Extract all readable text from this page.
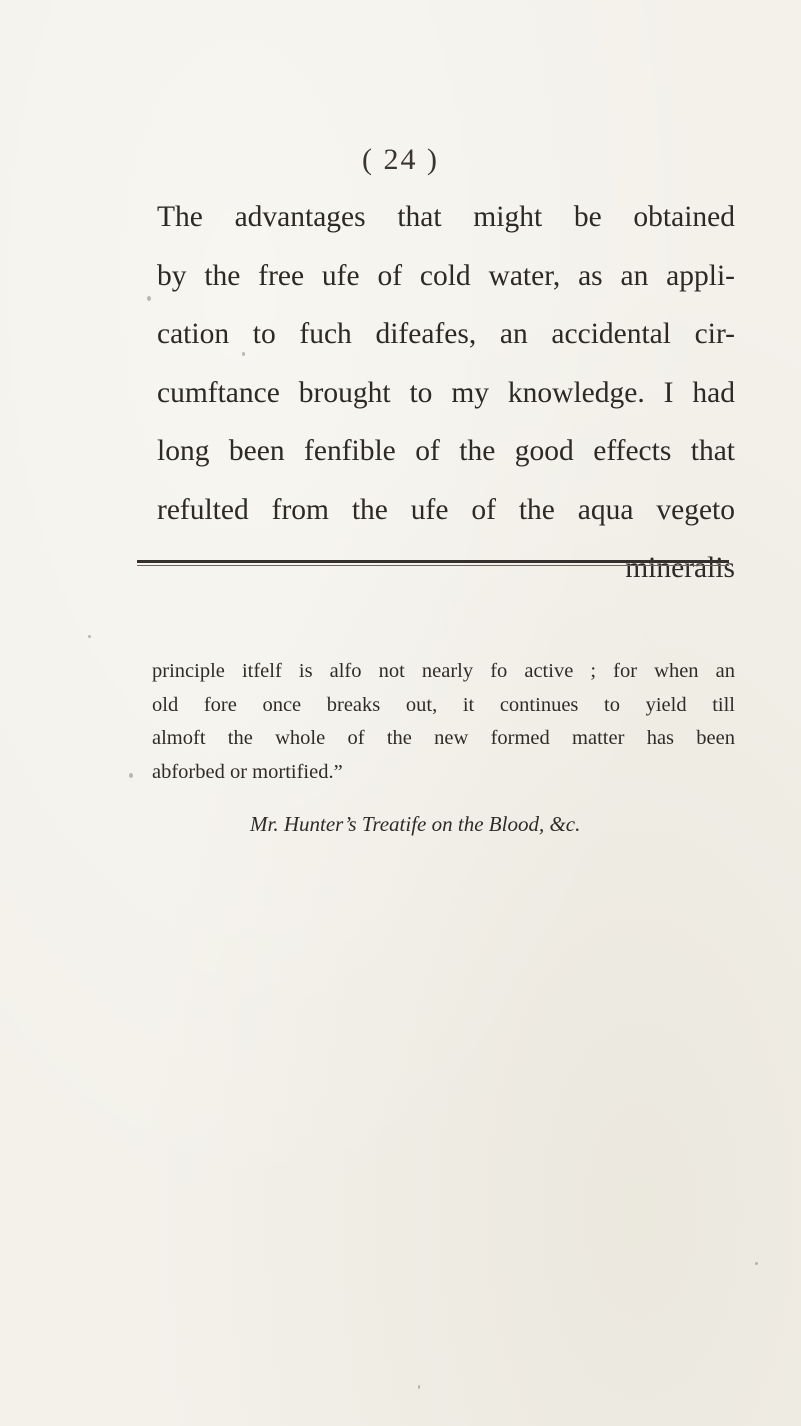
( 24 )
The advantages that might be obtained
by the free ufe of cold water, as an appli-
cation to fuch difeafes, an accidental cir-
cumftance brought to my knowledge. I had
long been fenfible of the good effects that
refulted from the ufe of the aqua vegeto
mineralis
principle itfelf is alfo not nearly fo active ; for when an
old fore once breaks out, it continues to yield till
almoft the whole of the new formed matter has been
abforbed or mortified.”
Mr. Hunter’s Treatife on the Blood, &c.
